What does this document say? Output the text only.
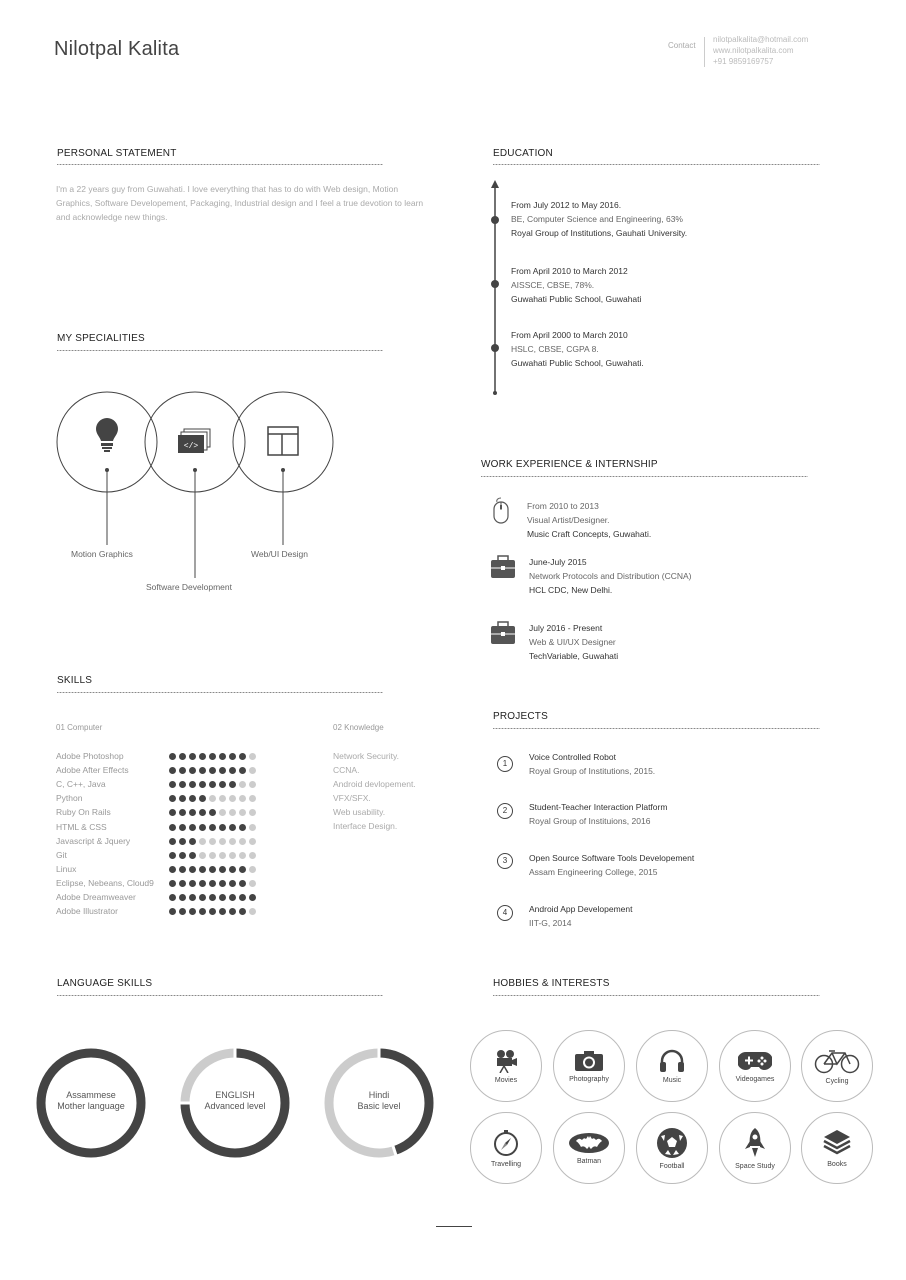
Nilotpal Kalita	Contact
nilotpalkalita@hotmail.com
www.nilotpalkalita.com
+91 9859169757
PERSONAL STATEMENT
I'm a 22 years guy from Guwahati. I love everything that has to do with Web design, Motion
Graphics, Software Developement, Packaging, Industrial design and I feel a true devotion to learn
and acknowledge new things.
MY SPECIALITIES
</>
Motion Graphics
Software Development
Web/UI Design
EDUCATION
From July 2012 to May 2016.
BE, Computer Science and Engineering, 63%
Royal Group of Institutions, Gauhati University.
From April 2010 to March 2012
AISSCE, CBSE, 78%.
Guwahati Public School, Guwahati
From April 2000 to March 2010
HSLC, CBSE, CGPA 8.
Guwahati Public School, Guwahati.
WORK EXPERIENCE & INTERNSHIP
From 2010 to 2013
Visual Artist/Designer.
Music Craft Concepts, Guwahati.
June-July 2015
Network Protocols and Distribution (CCNA)
HCL CDC, New Delhi.
July 2016 - Present
Web & UI/UX Designer
TechVariable, Guwahati
SKILLS
01 Computer	02 Knowledge
Adobe Photoshop
Adobe After Effects
C, C++, Java
Python
Ruby On Rails
HTML & CSS
Javascript & Jquery
Git
Linux
Eclipse, Nebeans, Cloud9
Adobe Dreamweaver
Adobe Illustrator
Network Security.
CCNA.
Android devlopement.
VFX/SFX.
Web usability.
Interface Design.
PROJECTS
1
Voice Controlled Robot
Royal Group of Institutions, 2015.
2	Student-Teacher Interaction Platform
Royal Group of Instituions, 2016
3	Open Source Software Tools Developement
Assam Engineering College, 2015
4	Android App Developement
IIT-G, 2014
LANGUAGE SKILLS
Assammese
Mother language
ENGLISH
Advanced level
Hindi
Basic level
HOBBIES & INTERESTS
Movies	Photography	Music	Videogames	Cycling
Travelling	Batman
Football	Space Study	Books
